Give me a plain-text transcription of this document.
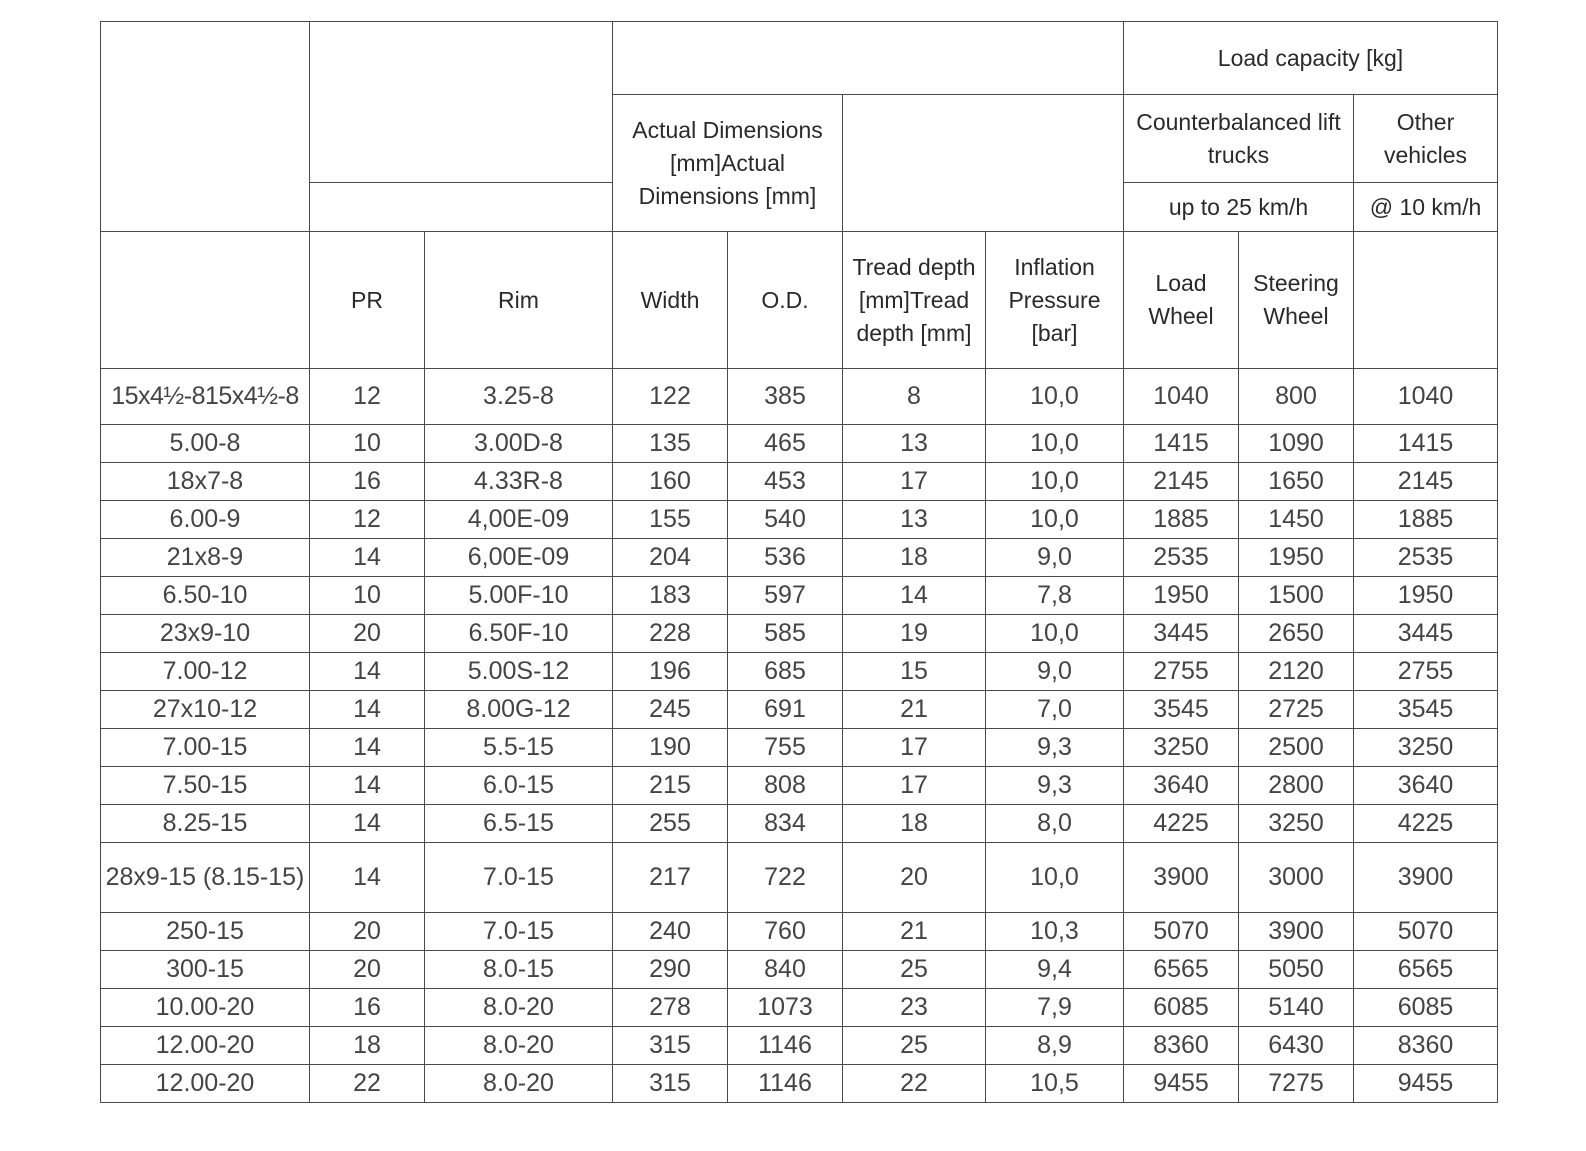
							Load capacity [kg]		
			Actual Dimensions [mm]Actual Dimensions [mm]				Counterbalanced lift trucks		Other vehicles
							up to 25 km/h		@ 10 km/h
	PR	Rim	Width	O.D.	Tread depth [mm]Tread depth [mm]	Inflation Pressure [bar]	Load Wheel	Steering Wheel	
15x4½-815x4½-8	12	3.25-8	122	385	8	10,0	1040	800	1040
5.00-8	10	3.00D-8	135	465	13	10,0	1415	1090	1415
18x7-8	16	4.33R-8	160	453	17	10,0	2145	1650	2145
6.00-9	12	4,00E-09	155	540	13	10,0	1885	1450	1885
21x8-9	14	6,00E-09	204	536	18	9,0	2535	1950	2535
6.50-10	10	5.00F-10	183	597	14	7,8	1950	1500	1950
23x9-10	20	6.50F-10	228	585	19	10,0	3445	2650	3445
7.00-12	14	5.00S-12	196	685	15	9,0	2755	2120	2755
27x10-12	14	8.00G-12	245	691	21	7,0	3545	2725	3545
7.00-15	14	5.5-15	190	755	17	9,3	3250	2500	3250
7.50-15	14	6.0-15	215	808	17	9,3	3640	2800	3640
8.25-15	14	6.5-15	255	834	18	8,0	4225	3250	4225
28x9-15 (8.15-15)	14	7.0-15	217	722	20	10,0	3900	3000	3900
250-15	20	7.0-15	240	760	21	10,3	5070	3900	5070
300-15	20	8.0-15	290	840	25	9,4	6565	5050	6565
10.00-20	16	8.0-20	278	1073	23	7,9	6085	5140	6085
12.00-20	18	8.0-20	315	1146	25	8,9	8360	6430	8360
12.00-20	22	8.0-20	315	1146	22	10,5	9455	7275	9455
